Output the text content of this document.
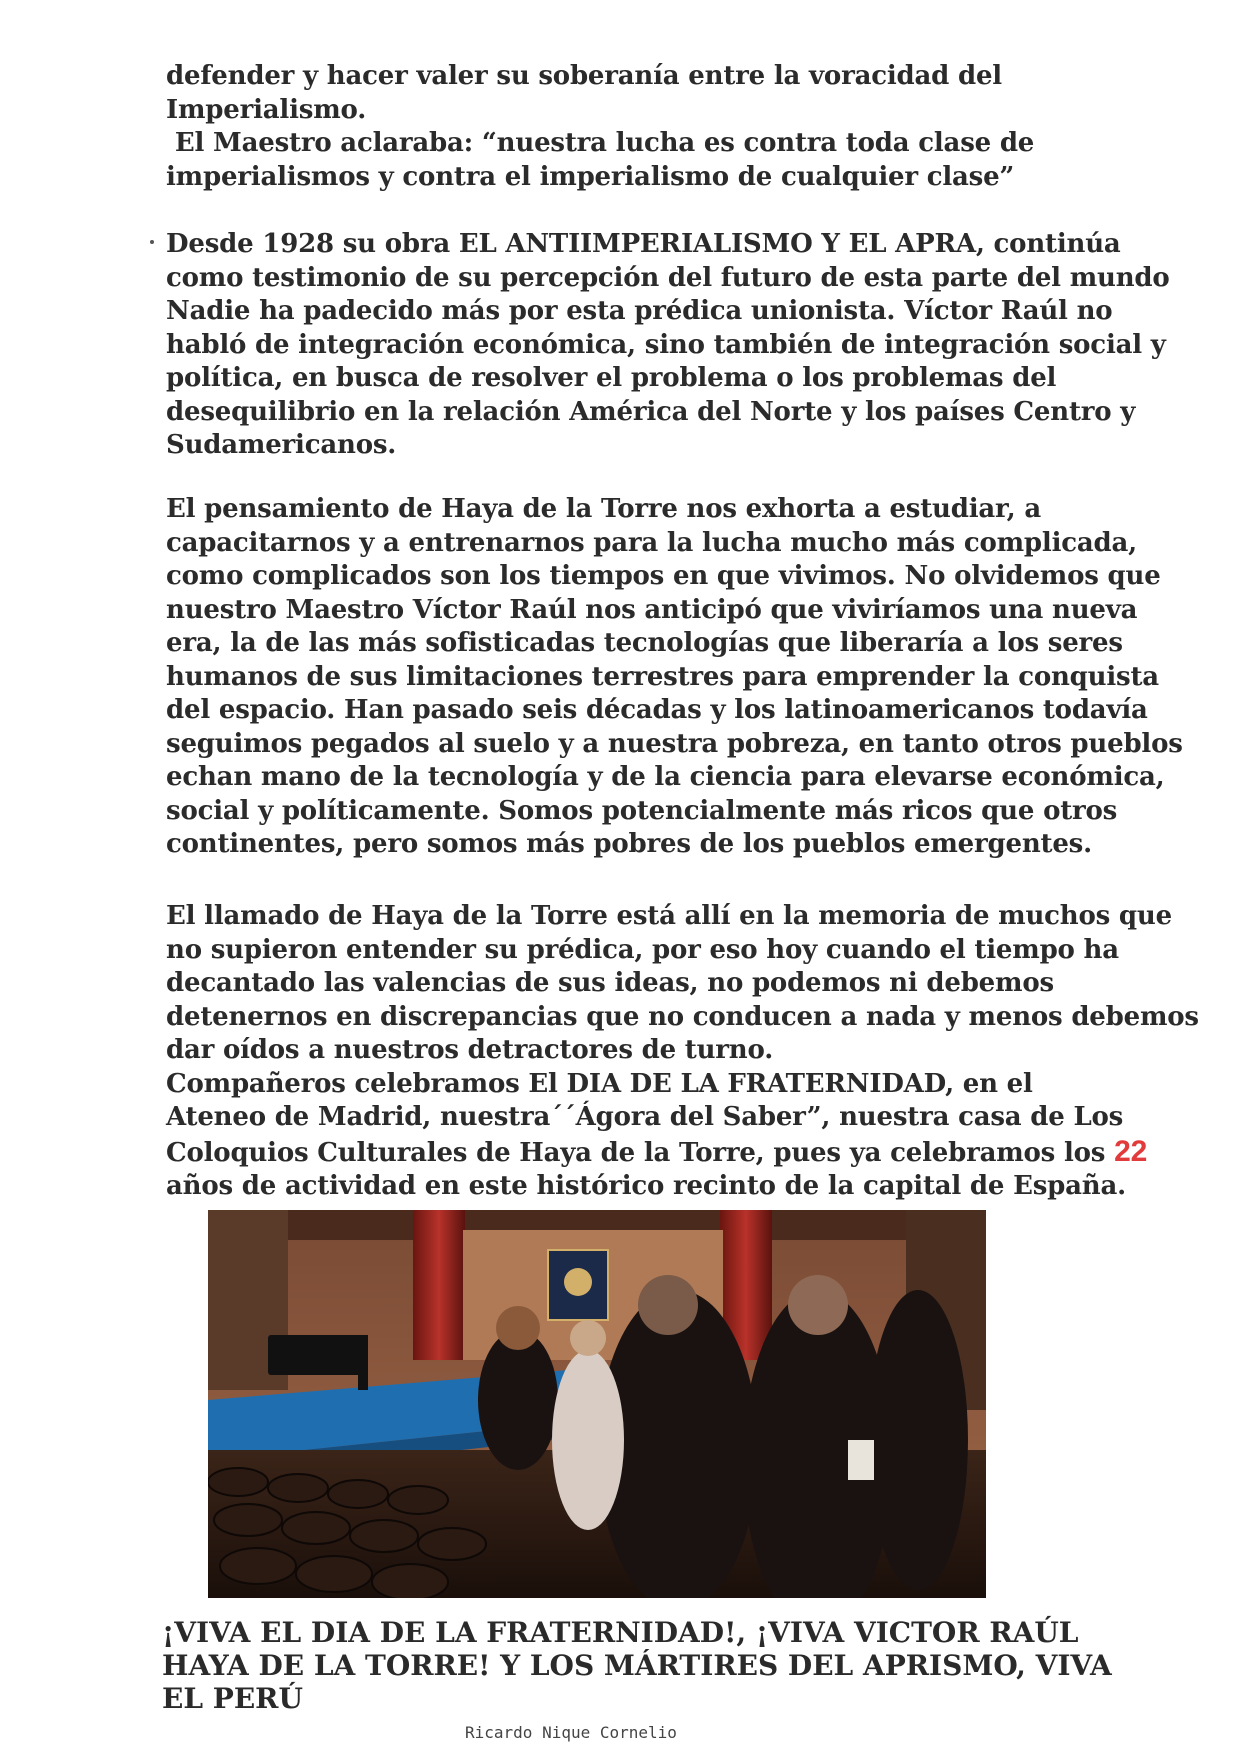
defender y hacer valer su soberanía entre la voracidad del
Imperialismo.
El Maestro aclaraba: “nuestra lucha es contra toda clase de
imperialismos y contra el imperialismo de cualquier clase”
Desde 1928 su obra EL ANTIIMPERIALISMO Y EL APRA, continúa
como testimonio de su percepción del futuro de esta parte del mundo
Nadie ha padecido más por esta prédica unionista. Víctor Raúl no
habló de integración económica, sino también de integración social y
política, en busca de resolver el problema o los problemas del
desequilibrio en la relación América del Norte y los países Centro y
Sudamericanos.
El pensamiento de Haya de la Torre nos exhorta a estudiar, a
capacitarnos y a entrenarnos para la lucha mucho más complicada,
como complicados son los tiempos en que vivimos. No olvidemos que
nuestro Maestro Víctor Raúl nos anticipó que viviríamos una nueva
era, la de las más sofisticadas tecnologías que liberaría a los seres
humanos de sus limitaciones terrestres para emprender la conquista
del espacio. Han pasado seis décadas y los latinoamericanos todavía
seguimos pegados al suelo y a nuestra pobreza, en tanto otros pueblos
echan mano de la tecnología y de la ciencia para elevarse económica,
social y políticamente. Somos potencialmente más ricos que otros
continentes, pero somos más pobres de los pueblos emergentes.
El llamado de Haya de la Torre está allí en la memoria de muchos que
no supieron entender su prédica, por eso hoy cuando el tiempo ha
decantado las valencias de sus ideas, no podemos ni debemos
detenernos en discrepancias que no conducen a nada y menos debemos
dar oídos a nuestros detractores de turno.
Compañeros celebramos El DIA DE LA FRATERNIDAD, en el
Ateneo de Madrid, nuestra´´Ágora del Saber”, nuestra casa de Los
Coloquios Culturales de Haya de la Torre, pues ya celebramos los 22
años de actividad en este histórico recinto de la capital de España.
¡VIVA EL DIA DE LA FRATERNIDAD!, ¡VIVA VICTOR RAÚL
HAYA DE LA TORRE! Y LOS MÁRTIRES DEL APRISMO, VIVA
EL PERÚ
Ricardo Nique Cornelio
